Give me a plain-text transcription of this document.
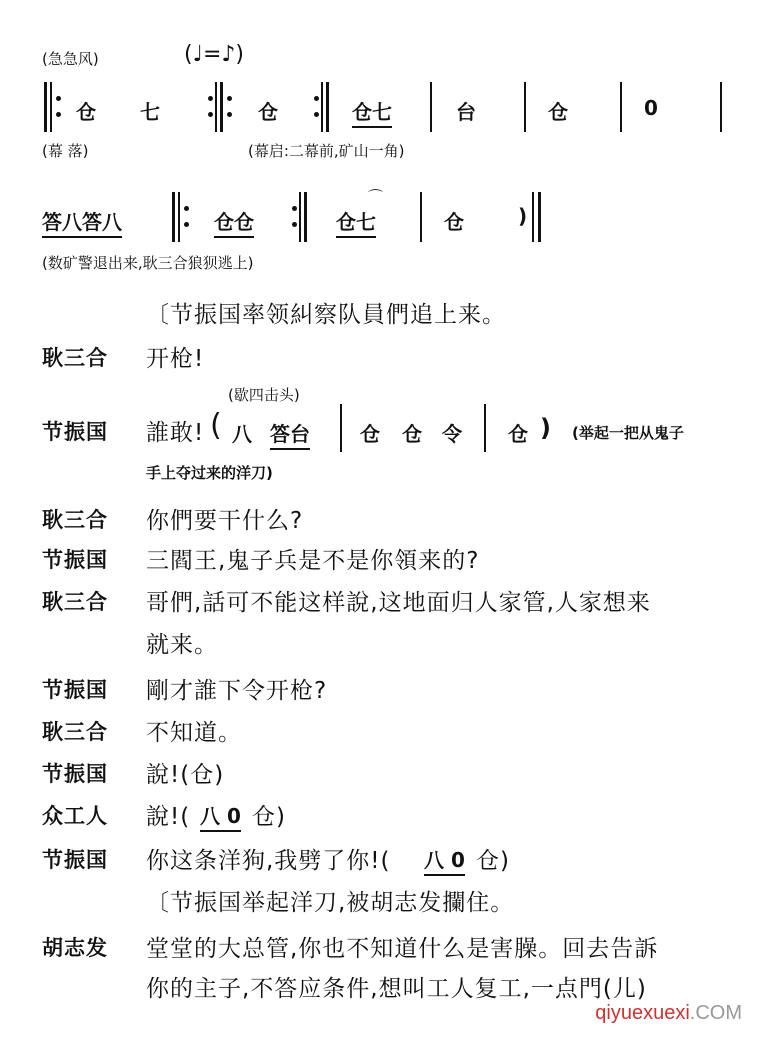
(急急风)	(♩=♪)
仓 七	仓	仓七	台	仓	0
(幕 落)	(幕启:二幕前,矿山一角)
答八答八	仓仓
⌒
仓七	仓	)
(数矿警退出来,耿三合狼狈逃上)
〔节振国率领糾察队員們追上来。
耿三合 开枪!
(歇四击头)
节振国 誰敢! ( 八 答台	仓 仓 令 仓 ) (举起一把从鬼子
手上夺过来的洋刀)
耿三合 你們要干什么?
节振国 三閻王,鬼子兵是不是你領来的?
耿三合 哥們,話可不能这样說,这地面归人家管,人家想来
就来。
节振国 剛才誰下令开枪?
耿三合 不知道。
节振国 說!(仓)
众工人 說!( 八 0 仓)
节振国 你这条洋狗,我劈了你!( 八 0 仓)
〔节振国举起洋刀,被胡志发攔住。
胡志发 堂堂的大总管,你也不知道什么是害臊。回去告訴
你的主子,不答应条件,想叫工人复工,一点門(儿)
qiyuexuexi.COM
